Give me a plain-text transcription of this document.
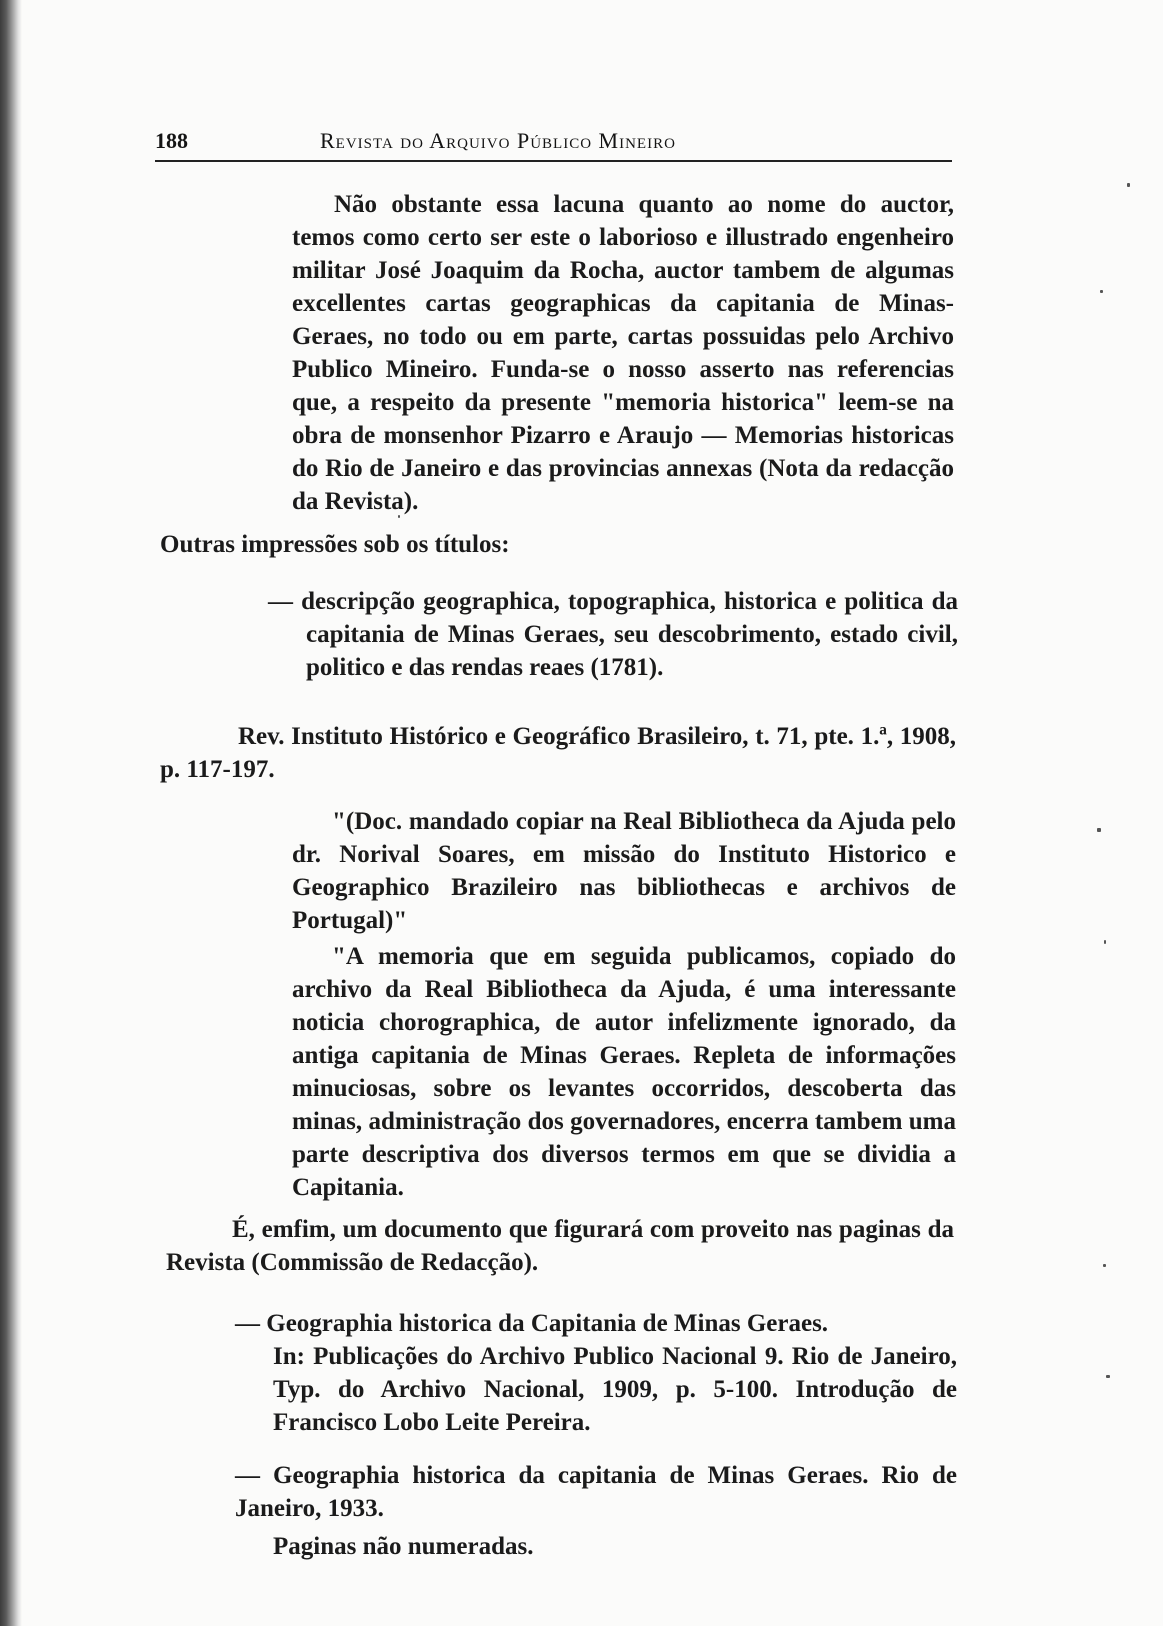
188	Revista do Arquivo Público Mineiro
Não obstante essa lacuna quanto ao nome do auctor, temos como certo ser este o laborioso e illustrado engenheiro militar José Joaquim da Rocha, auctor tambem de algumas excellentes cartas geographicas da capitania de Minas-Geraes, no todo ou em parte, cartas possuidas pelo Archivo Publico Mineiro. Funda-se o nosso asserto nas referencias que, a respeito da presente "memoria historica" leem-se na obra de monsenhor Pizarro e Araujo — Memorias historicas do Rio de Janeiro e das provincias annexas (Nota da redacção da Revista).
Outras impressões sob os títulos:
— descripção geographica, topographica, historica e politica da capitania de Minas Geraes, seu descobrimento, estado civil, politico e das rendas reaes (1781).
Rev. Instituto Histórico e Geográfico Brasileiro, t. 71, pte. 1.ª, 1908, p. 117-197.
"(Doc. mandado copiar na Real Bibliotheca da Ajuda pelo dr. Norival Soares, em missão do Instituto Historico e Geographico Brazileiro nas bibliothecas e archivos de Portugal)"
"A memoria que em seguida publicamos, copiado do archivo da Real Bibliotheca da Ajuda, é uma interessante noticia chorographica, de autor infelizmente ignorado, da antiga capitania de Minas Geraes. Repleta de informações minuciosas, sobre os levantes occorridos, descoberta das minas, administração dos governadores, encerra tambem uma parte descriptiva dos diversos termos em que se dividia a Capitania.
É, emfim, um documento que figurará com proveito nas paginas da Revista (Commissão de Redacção).
— Geographia historica da Capitania de Minas Geraes.
In: Publicações do Archivo Publico Nacional 9. Rio de Janeiro, Typ. do Archivo Nacional, 1909, p. 5-100. Introdução de Francisco Lobo Leite Pereira.
— Geographia historica da capitania de Minas Geraes. Rio de Janeiro, 1933.
Paginas não numeradas.
